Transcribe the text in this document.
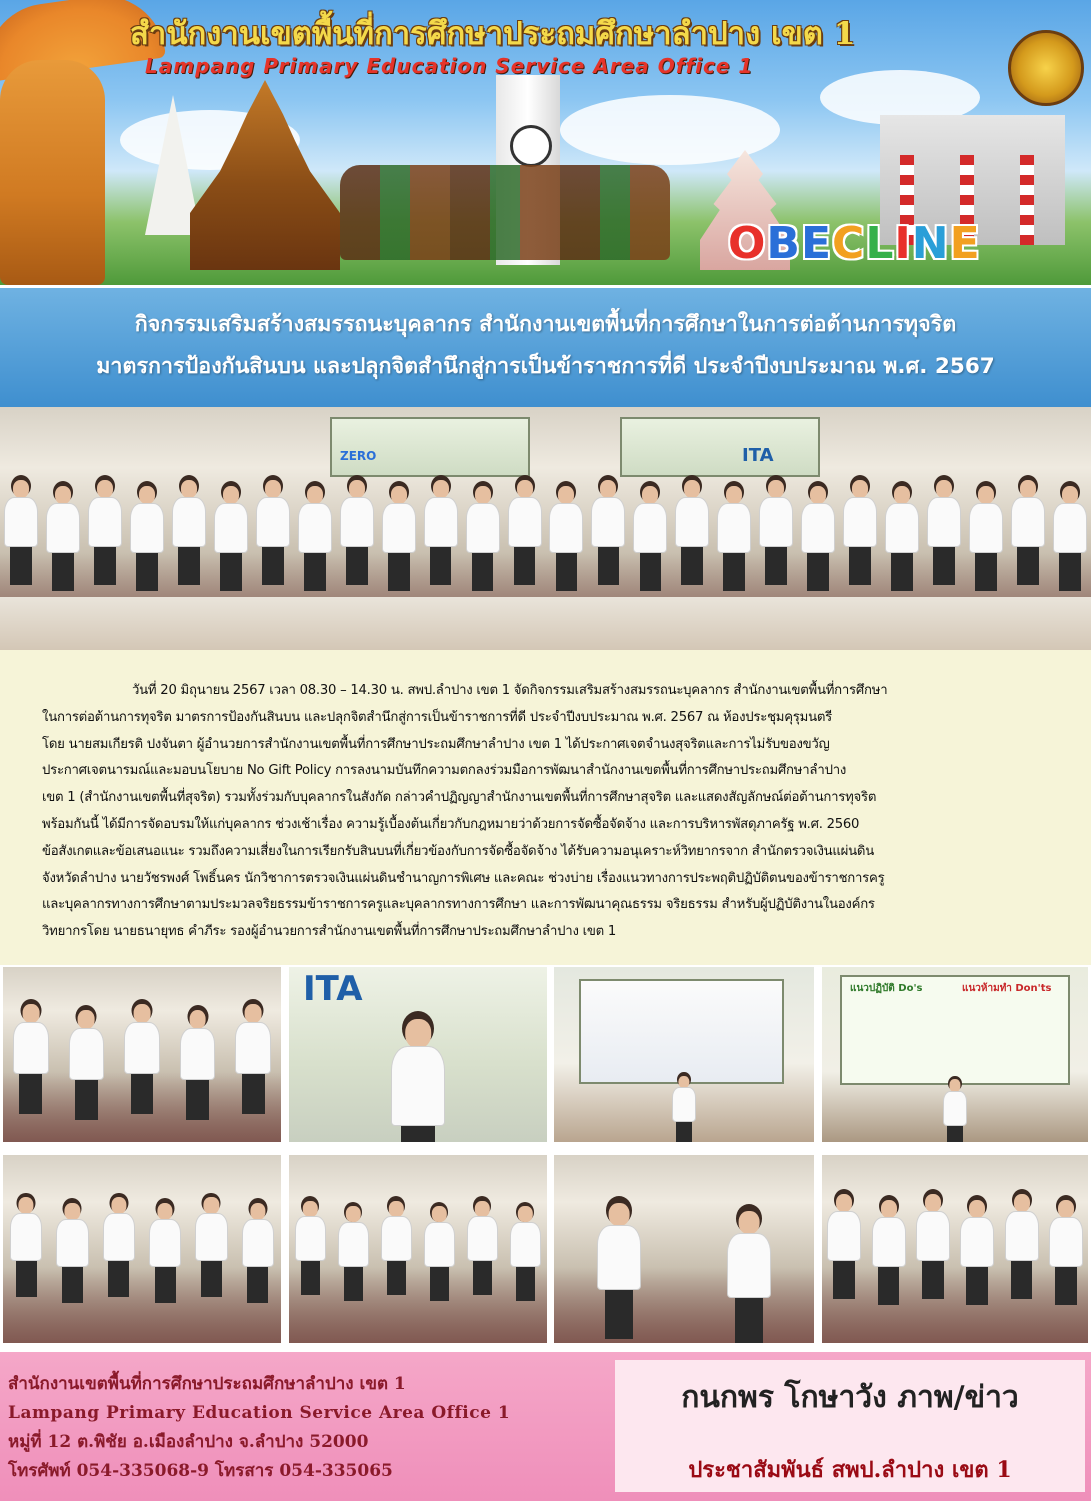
สำนักงานเขตพื้นที่การศึกษาประถมศึกษาลำปาง เขต 1
Lampang Primary Education Service Area Office 1
OBECLINE
กิจกรรมเสริมสร้างสมรรถนะบุคลากร สำนักงานเขตพื้นที่การศึกษาในการต่อต้านการทุจริต
มาตรการป้องกันสินบน และปลุกจิตสำนึกสู่การเป็นข้าราชการที่ดี ประจำปีงบประมาณ พ.ศ. 2567
ZERO	ITA

วันที่ 20 มิถุนายน 2567 เวลา 08.30 – 14.30 น. สพป.ลำปาง เขต 1 จัดกิจกรรมเสริมสร้างสมรรถนะบุคลากร สำนักงานเขตพื้นที่การศึกษา

ในการต่อต้านการทุจริต มาตรการป้องกันสินบน และปลุกจิตสำนึกสู่การเป็นข้าราชการที่ดี ประจำปีงบประมาณ พ.ศ. 2567 ณ ห้องประชุมคุรุมนตรี

โดย นายสมเกียรติ ปงจันตา ผู้อำนวยการสำนักงานเขตพื้นที่การศึกษาประถมศึกษาลำปาง เขต 1 ได้ประกาศเจตจำนงสุจริตและการไม่รับของขวัญ

ประกาศเจตนารมณ์และมอบนโยบาย No Gift Policy การลงนามบันทึกความตกลงร่วมมือการพัฒนาสำนักงานเขตพื้นที่การศึกษาประถมศึกษาลำปาง

เขต 1 (สำนักงานเขตพื้นที่สุจริต) รวมทั้งร่วมกับบุคลากรในสังกัด กล่าวคำปฏิญญาสำนักงานเขตพื้นที่การศึกษาสุจริต และแสดงสัญลักษณ์ต่อต้านการทุจริต

พร้อมกันนี้ ได้มีการจัดอบรมให้แก่บุคลากร ช่วงเช้าเรื่อง ความรู้เบื้องต้นเกี่ยวกับกฎหมายว่าด้วยการจัดซื้อจัดจ้าง และการบริหารพัสดุภาครัฐ พ.ศ. 2560

ข้อสังเกตและข้อเสนอแนะ รวมถึงความเสี่ยงในการเรียกรับสินบนที่เกี่ยวข้องกับการจัดซื้อจัดจ้าง ได้รับความอนุเคราะห์วิทยากรจาก สำนักตรวจเงินแผ่นดิน

จังหวัดลำปาง นายวัชรพงศ์ โพธิ์นคร นักวิชาการตรวจเงินแผ่นดินชำนาญการพิเศษ และคณะ ช่วงบ่าย เรื่องแนวทางการประพฤติปฏิบัติตนของข้าราชการครู

และบุคลากรทางการศึกษาตามประมวลจริยธรรมข้าราชการครูและบุคลากรทางการศึกษา และการพัฒนาคุณธรรม จริยธรรม สำหรับผู้ปฏิบัติงานในองค์กร

วิทยากรโดย นายธนายุทธ คำภีระ รองผู้อำนวยการสำนักงานเขตพื้นที่การศึกษาประถมศึกษาลำปาง เขต 1

ITA	แนวปฏิบัติ Do's	แนวห้ามทำ Don'ts
สำนักงานเขตพื้นที่การศึกษาประถมศึกษาลำปาง เขต 1
Lampang Primary Education Service Area Office 1
หมู่ที่ 12 ต.พิชัย อ.เมืองลำปาง จ.ลำปาง 52000
โทรศัพท์ 054-335068-9 โทรสาร 054-335065
กนกพร โกษาวัง ภาพ/ข่าว
ประชาสัมพันธ์ สพป.ลำปาง เขต 1
